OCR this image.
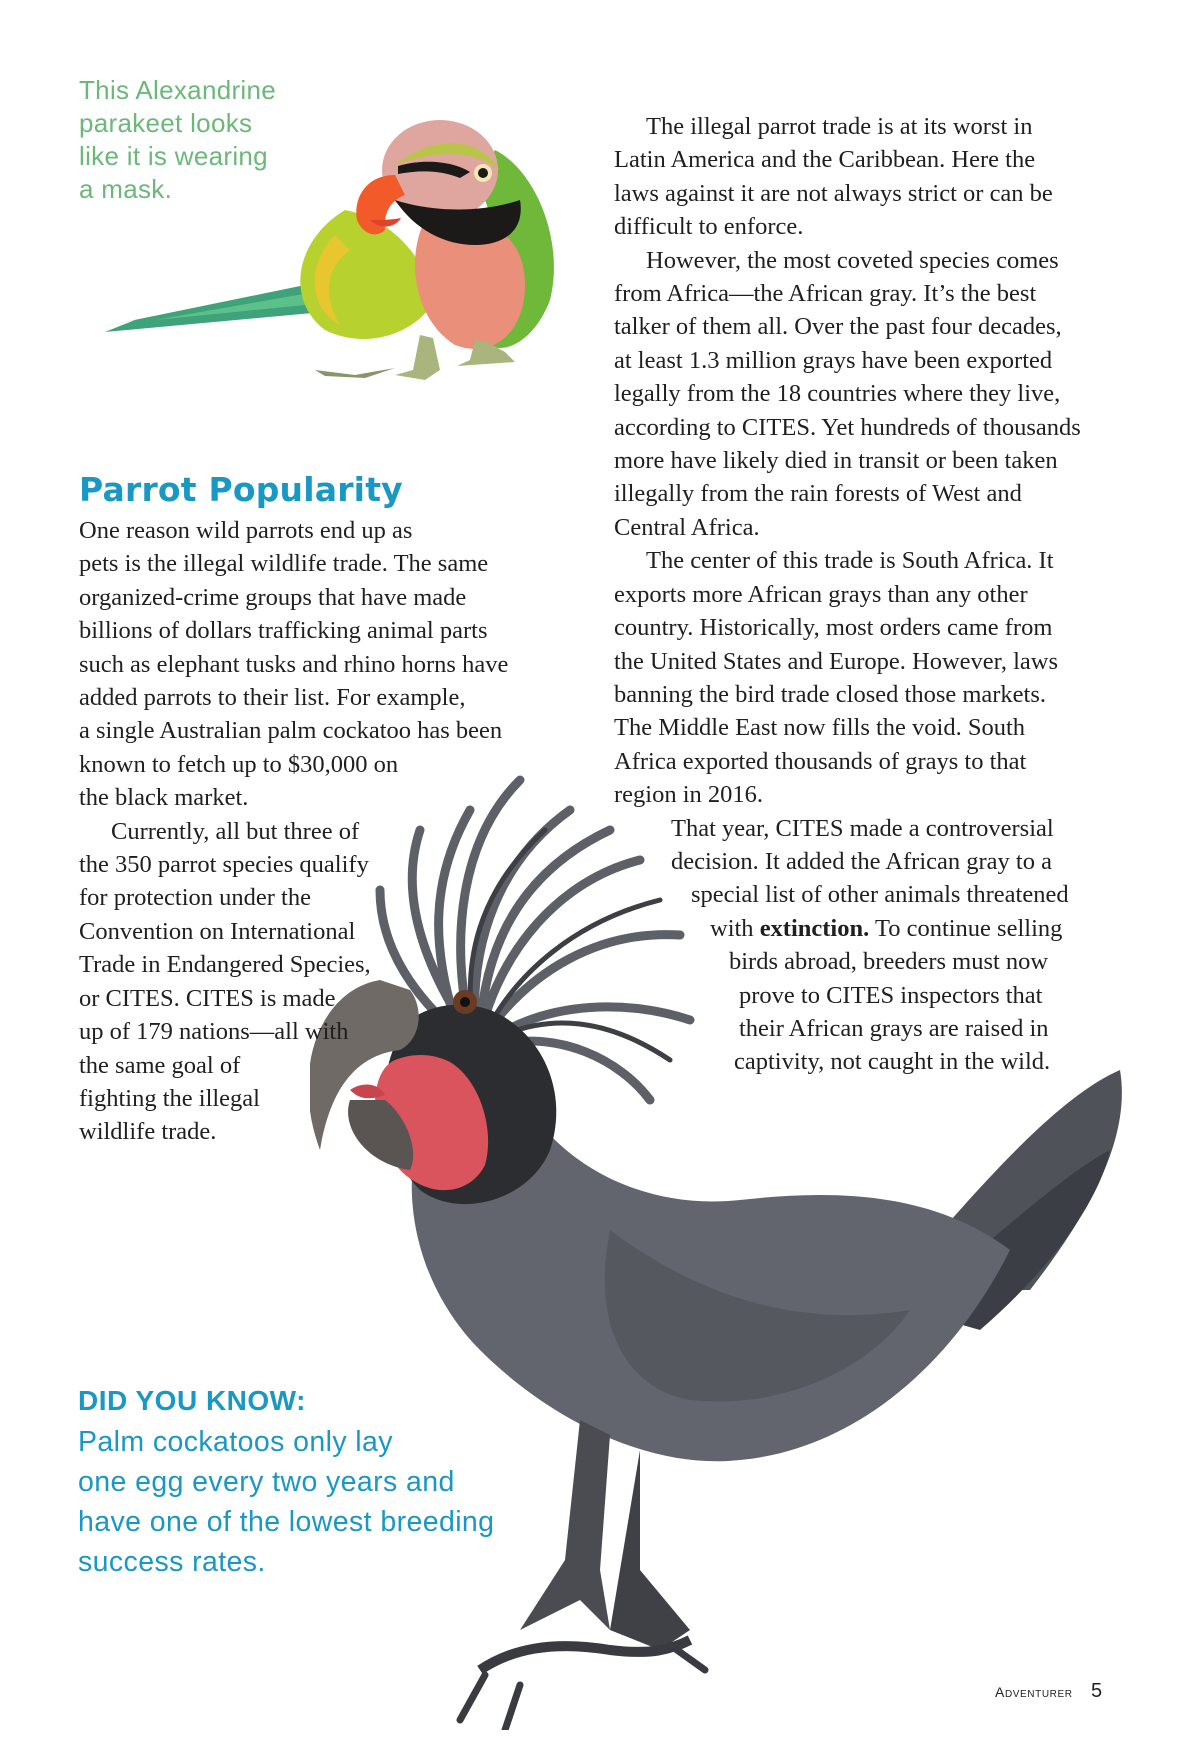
This Alexandrine
parakeet looks
like it is wearing
a mask.
Parrot Popularity

One reason wild parrots end up as

pets is the illegal wildlife trade. The same

organized-crime groups that have made

billions of dollars trafficking animal parts

such as elephant tusks and rhino horns have

added parrots to their list. For example,

a single Australian palm cockatoo has been

known to fetch up to $30,000 on

the black market.

Currently, all but three of

the 350 parrot species qualify

for protection under the

Convention on International

Trade in Endangered Species,

or CITES. CITES is made

up of 179 nations—all with

the same goal of

fighting the illegal

wildlife trade.

The illegal parrot trade is at its worst in

Latin America and the Caribbean. Here the

laws against it are not always strict or can be

difficult to enforce.

However, the most coveted species comes

from Africa—the African gray. It’s the best

talker of them all. Over the past four decades,

at least 1.3 million grays have been exported

legally from the 18 countries where they live,

according to CITES. Yet hundreds of thousands

more have likely died in transit or been taken

illegally from the rain forests of West and

Central Africa.

The center of this trade is South Africa. It

exports more African grays than any other

country. Historically, most orders came from

the United States and Europe. However, laws

banning the bird trade closed those markets.

The Middle East now fills the void. South

Africa exported thousands of grays to that

region in 2016.

That year, CITES made a controversial

decision. It added the African gray to a

special list of other animals threatened

with extinction. To continue selling

birds abroad, breeders must now

prove to CITES inspectors that

their African grays are raised in

captivity, not caught in the wild.

DID YOU KNOW:
Palm cockatoos only lay
one egg every two years and
have one of the lowest breeding
success rates.
Adventurer 5
